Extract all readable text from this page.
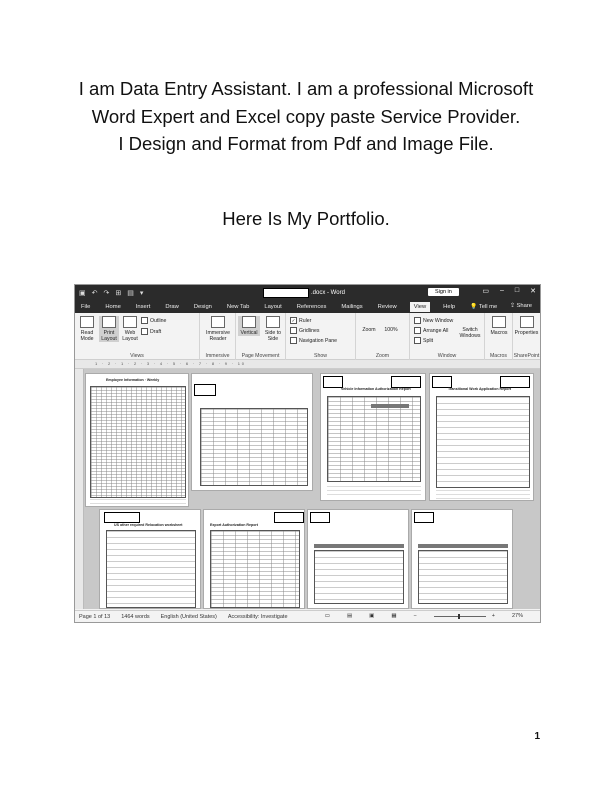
I am Data Entry Assistant. I am a professional Microsoft
Word Expert and Excel copy paste Service Provider.
I Design and Format from Pdf and Image File.
Here Is My Portfolio.
▣ ↶ ↷ ⊞ ▤ ▾	.docx - Word	Sign in	▭ – □ ✕
File	Home	Insert	Draw	Design	New Tab	Layout	References	Mailings	Review	View	Help	💡 Tell me ⇪ Share
Read Mode
Print Layout
Web Layout
Outline
Draft
Views
Immersive Reader
Immersive
Vertical	Side to Side
Page Movement
✓ Ruler
Gridlines
Navigation Pane
Show
Zoom	100%
Zoom
New Window
Arrange All
Split
Switch Windows
Window
Macros
Macros
Properties
SharePoint
1 · 2 · 1 · 2 · 3 · 4 · 5 · 6 · 7 · 8 · 9 · 10
Employee Information · Weekly
Vehicle Information Authorization Report	Transitional Work Application Report
US other required Relocation worksheet	Export Authorization Report
Page 1 of 13 1464 words English (United States) Accessibility: Investigate	▭	▤	▣	▦	−	+	27%
1
